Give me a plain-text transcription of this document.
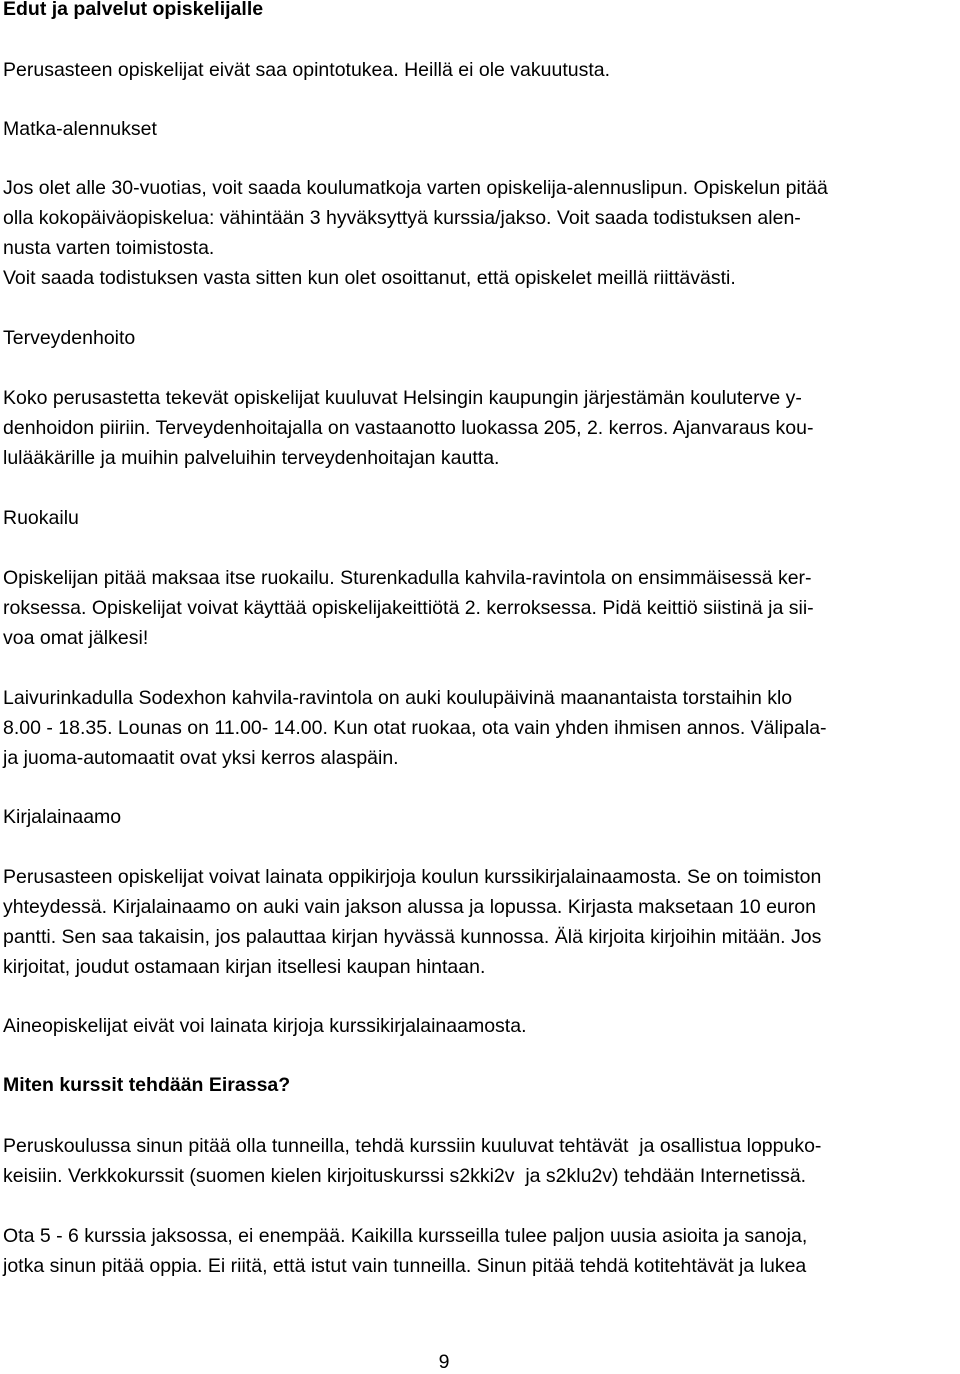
Edut ja palvelut opiskelijalle
Perusasteen opiskelijat eivät saa opintotukea. Heillä ei ole vakuutusta.
Matka-alennukset
Jos olet alle 30-vuotias, voit saada koulumatkoja varten opiskelija-alennuslipun. Opiskelun pitää
olla kokopäiväopiskelua: vähintään 3 hyväksyttyä kurssia/jakso. Voit saada todistuksen alen-
nusta varten toimistosta.
Voit saada todistuksen vasta sitten kun olet osoittanut, että opiskelet meillä riittävästi.
Terveydenhoito
Koko perusastetta tekevät opiskelijat kuuluvat Helsingin kaupungin järjestämän kouluterve y-
denhoidon piiriin. Terveydenhoitajalla on vastaanotto luokassa 205, 2. kerros. Ajanvaraus kou-
lulääkärille ja muihin palveluihin terveydenhoitajan kautta.
Ruokailu
Opiskelijan pitää maksaa itse ruokailu. Sturenkadulla kahvila-ravintola on ensimmäisessä ker-
roksessa. Opiskelijat voivat käyttää opiskelijakeittiötä 2. kerroksessa. Pidä keittiö siistinä ja sii-
voa omat jälkesi!
Laivurinkadulla Sodexhon kahvila-ravintola on auki koulupäivinä maanantaista torstaihin klo
8.00 - 18.35. Lounas on 11.00- 14.00. Kun otat ruokaa, ota vain yhden ihmisen annos. Välipala-
ja juoma-automaatit ovat yksi kerros alaspäin.
Kirjalainaamo
Perusasteen opiskelijat voivat lainata oppikirjoja koulun kurssikirjalainaamosta. Se on toimiston
yhteydessä. Kirjalainaamo on auki vain jakson alussa ja lopussa. Kirjasta maksetaan 10 euron
pantti. Sen saa takaisin, jos palauttaa kirjan hyvässä kunnossa. Älä kirjoita kirjoihin mitään. Jos
kirjoitat, joudut ostamaan kirjan itsellesi kaupan hintaan.
Aineopiskelijat eivät voi lainata kirjoja kurssikirjalainaamosta.
Miten kurssit tehdään Eirassa?
Peruskoulussa sinun pitää olla tunneilla, tehdä kurssiin kuuluvat tehtävät  ja osallistua loppuko-
keisiin. Verkkokurssit (suomen kielen kirjoituskurssi s2kki2v  ja s2klu2v) tehdään Internetissä.
Ota 5 - 6 kurssia jaksossa, ei enempää. Kaikilla kursseilla tulee paljon uusia asioita ja sanoja,
jotka sinun pitää oppia. Ei riitä, että istut vain tunneilla. Sinun pitää tehdä kotitehtävät ja lukea
9
